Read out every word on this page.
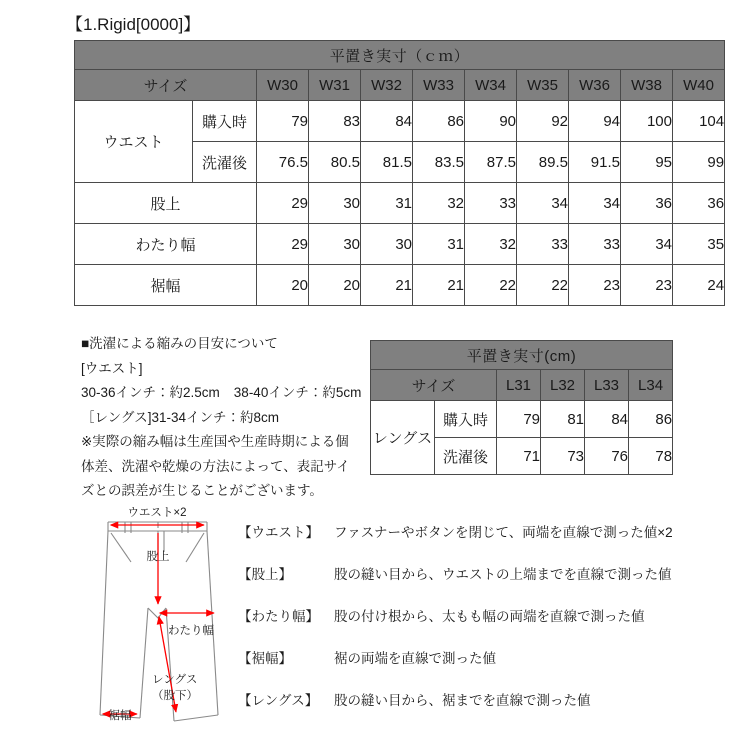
【1.Rigid[0000]】
平置き実寸（ｃｍ）										
サイズ		W30	W31	W32	W33	W34	W35	W36	W38	W40
ウエスト	購入時	79	83	84	86	90	92	94	100	104
	洗濯後	76.5	80.5	81.5	83.5	87.5	89.5	91.5	95	99
股上		29	30	31	32	33	34	34	36	36
わたり幅		29	30	30	31	32	33	33	34	35
裾幅		20	20	21	21	22	22	23	23	24
■洗濯による縮みの目安について
[ウエスト]
30-36インチ：約2.5cm 38-40インチ：約5cm
［レングス]31-34インチ：約8cm
※実際の縮み幅は生産国や生産時期による個体差、洗濯や乾燥の方法によって、表記サイズとの誤差が生じることがございます。
平置き実寸(cm)					
サイズ		L31	L32	L33	L34
レングス	購入時	79	81	84	86
	洗濯後	71	73	76	78
ウエスト×2
股上
わたり幅
レングス
（股下）
裾幅
【ウエスト】	ファスナーやボタンを閉じて、両端を直線で測った値×2
【股上】	股の縫い目から、ウエストの上端までを直線で測った値
【わたり幅】	股の付け根から、太もも幅の両端を直線で測った値
【裾幅】	裾の両端を直線で測った値
【レングス】	股の縫い目から、裾までを直線で測った値
